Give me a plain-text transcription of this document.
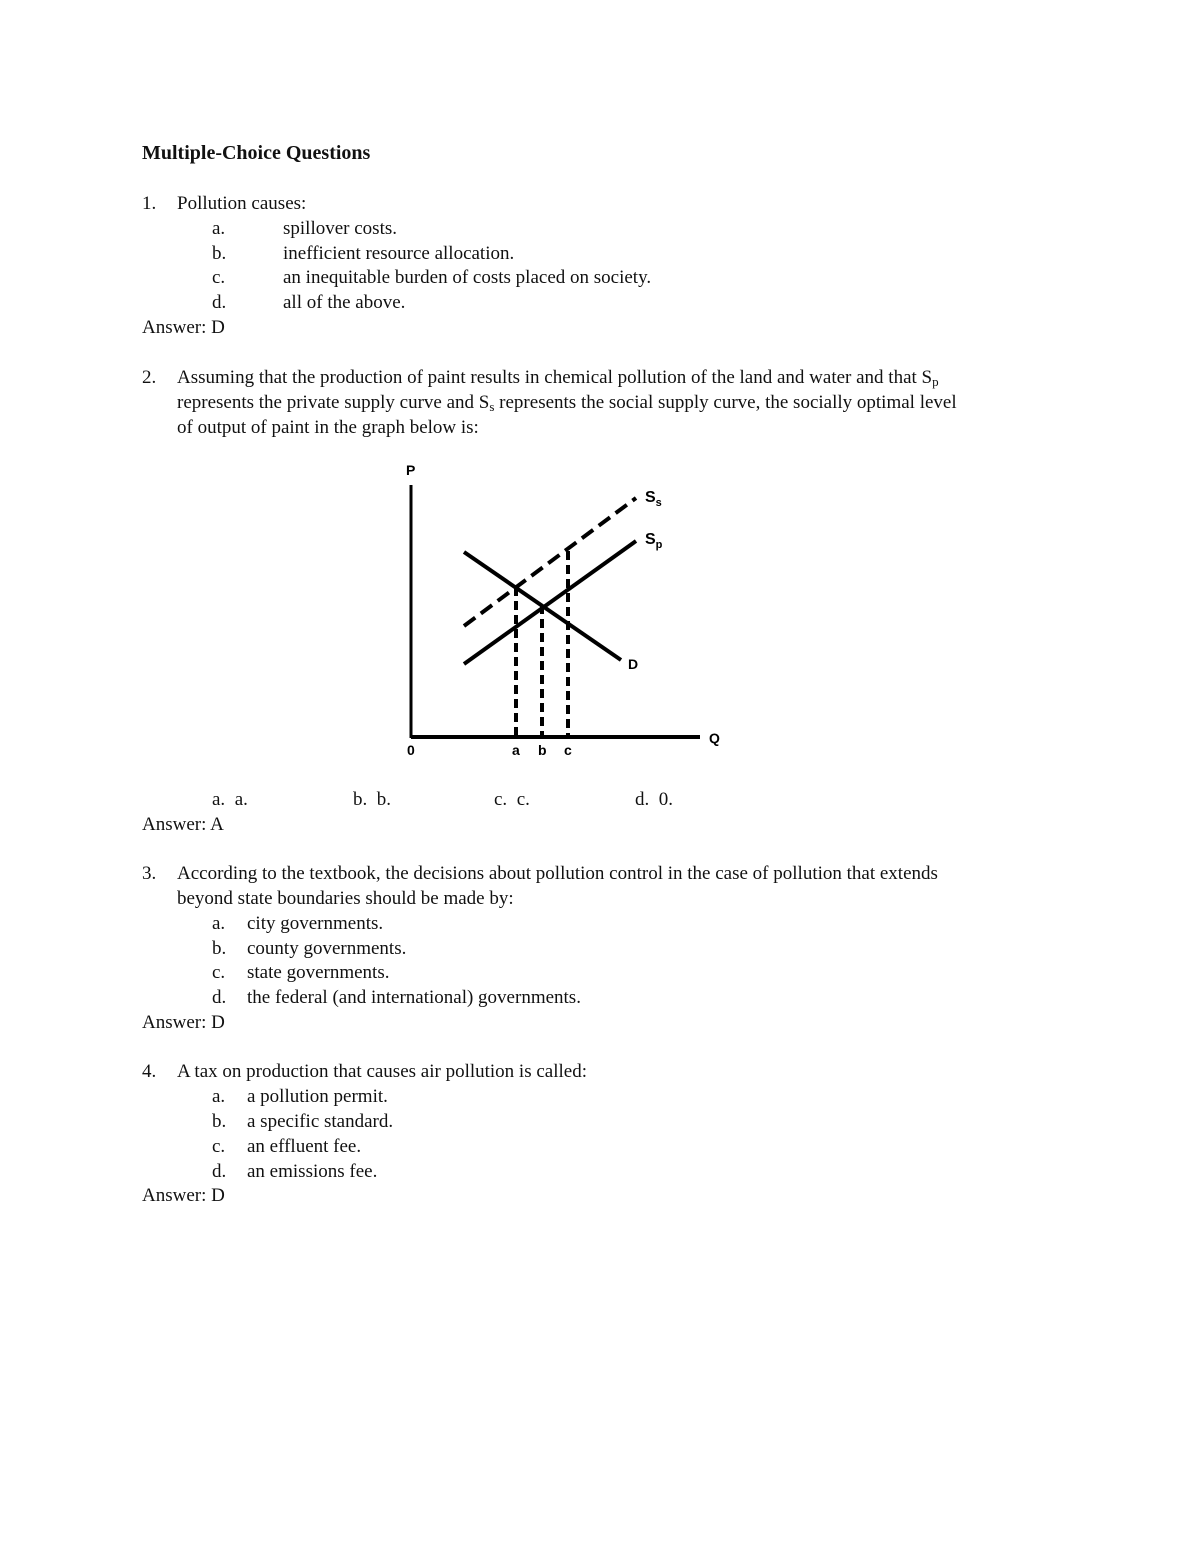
Multiple-Choice Questions
1. Pollution causes:
a.	spillover costs.
b.	inefficient resource allocation.
c.	an inequitable burden of costs placed on society.
d.	all of the above.
Answer: D
2. Assuming that the production of paint results in chemical pollution of the land and water and that $S_p$
represents the private supply curve and $S_s$ represents the social supply curve, the socially optimal level
of output of paint in the graph below is:
P
Q
0
$S_s$
$S_p$
D
a b c
a. a.	b. b.	c. c.	d. 0.
Answer: A
3. According to the textbook, the decisions about pollution control in the case of pollution that extends
beyond state boundaries should be made by:
a. city governments.
b. county governments.
c. state governments.
d. the federal (and international) governments.
Answer: D
4. A tax on production that causes air pollution is called:
a. a pollution permit.
b. a specific standard.
c. an effluent fee.
d. an emissions fee.
Answer: D
